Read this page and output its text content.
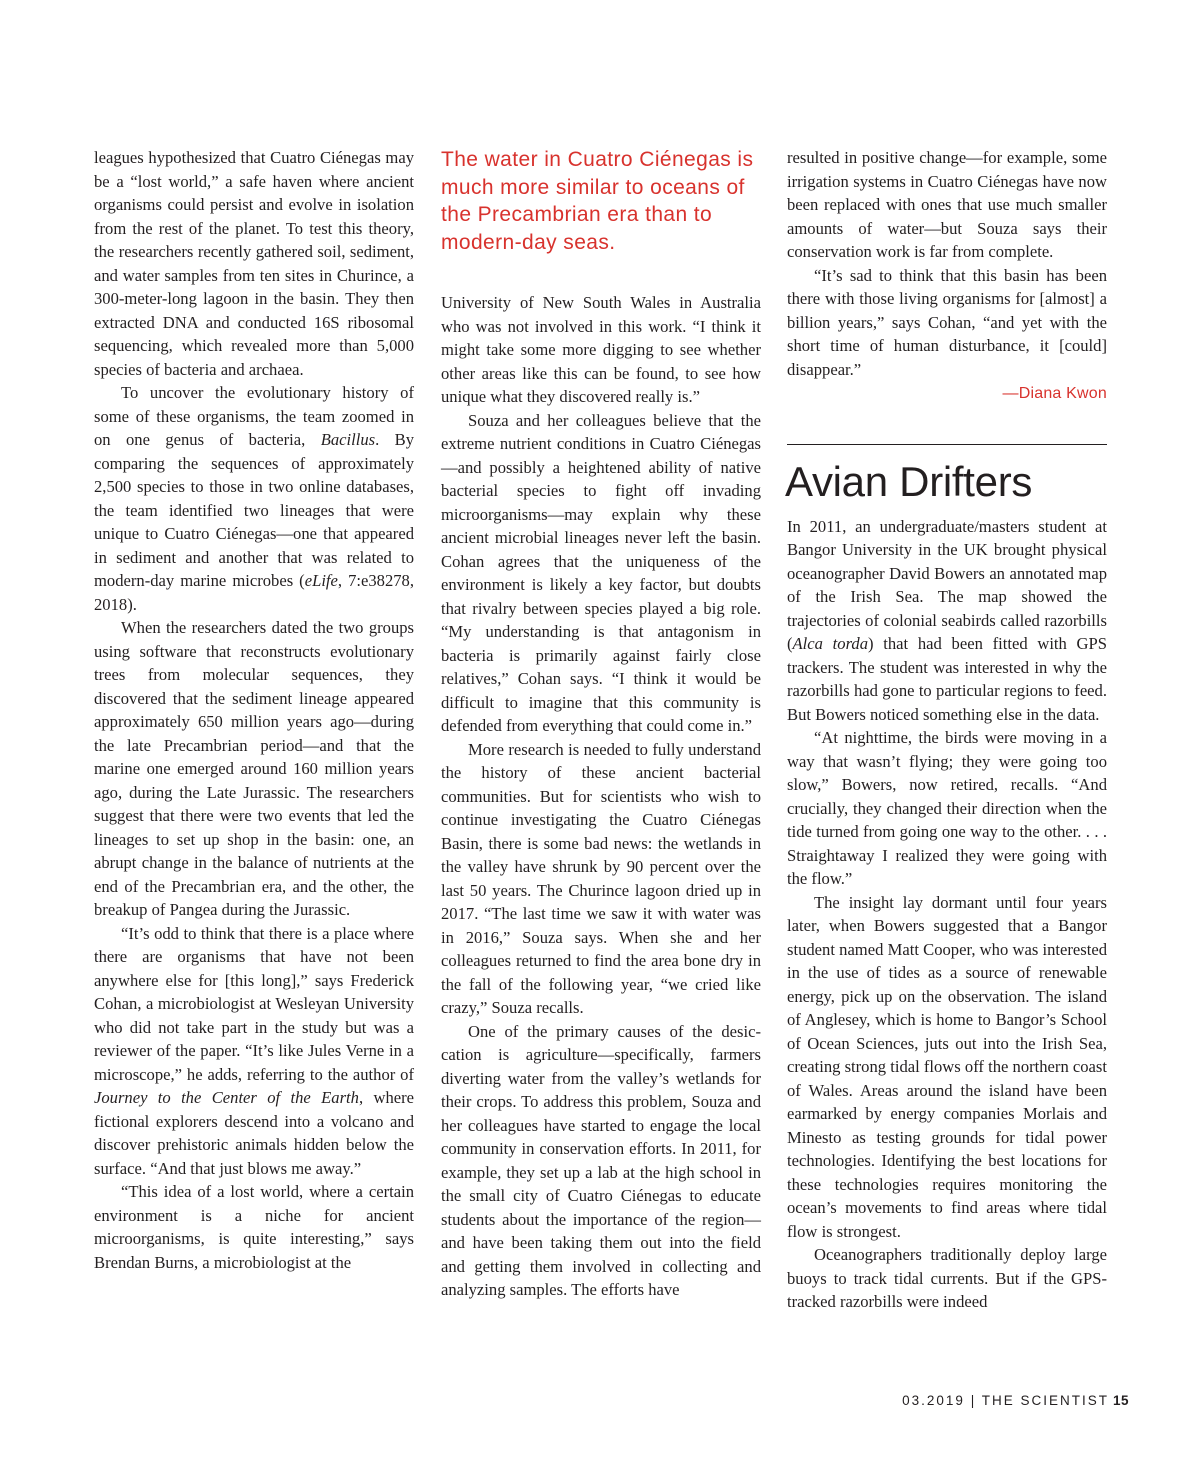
leagues hypothesized that Cuatro Ciénegas may be a “lost world,” a safe haven where ancient organisms could persist and evolve in isolation from the rest of the planet. To test this theory, the researchers recently gathered soil, sediment, and water samples from ten sites in Churince, a 300-meter-long lagoon in the basin. They then extracted DNA and conducted 16S ribosomal sequencing, which revealed more than 5,000 species of bacteria and archaea.

To uncover the evolutionary history of some of these organisms, the team zoomed in on one genus of bacteria, Bacillus. By comparing the sequences of approximately 2,500 species to those in two online databases, the team identified two lineages that were unique to Cuatro Ciénegas—one that appeared in sediment and another that was related to modern-day marine microbes (eLife, 7:e38278, 2018).

When the researchers dated the two groups using software that reconstructs evolutionary trees from molecular sequences, they discovered that the sediment lineage appeared approximately 650 million years ago—during the late Precambrian period—and that the marine one emerged around 160 million years ago, during the Late Jurassic. The researchers suggest that there were two events that led the lineages to set up shop in the basin: one, an abrupt change in the balance of nutrients at the end of the Precambrian era, and the other, the breakup of Pangea during the Jurassic.

“It’s odd to think that there is a place where there are organisms that have not been anywhere else for [this long],” says Frederick Cohan, a microbiologist at Wesleyan University who did not take part in the study but was a reviewer of the paper. “It’s like Jules Verne in a microscope,” he adds, referring to the author of Journey to the Center of the Earth, where fictional explorers descend into a volcano and discover prehistoric animals hidden below the surface. “And that just blows me away.”

“This idea of a lost world, where a certain environment is a niche for ancient microorganisms, is quite interesting,” says Brendan Burns, a microbiologist at the

The water in Cuatro Ciénegas is much more similar to oceans of the Precambrian era than to modern-day seas.

University of New South Wales in Australia who was not involved in this work. “I think it might take some more digging to see whether other areas like this can be found, to see how unique what they discovered really is.”

Souza and her colleagues believe that the extreme nutrient conditions in Cuatro Ciénegas—and possibly a heightened ability of native bacterial species to fight off invading microorganisms—may explain why these ancient microbial lineages never left the basin. Cohan agrees that the uniqueness of the environment is likely a key factor, but doubts that rivalry between species played a big role. “My understanding is that antagonism in bacteria is primarily against fairly close relatives,” Cohan says. “I think it would be difficult to imagine that this community is defended from everything that could come in.”

More research is needed to fully understand the history of these ancient bacterial communities. But for scientists who wish to continue investigating the Cuatro Ciénegas Basin, there is some bad news: the wetlands in the valley have shrunk by 90 percent over the last 50 years. The Churince lagoon dried up in 2017. “The last time we saw it with water was in 2016,” Souza says. When she and her colleagues returned to find the area bone dry in the fall of the following year, “we cried like crazy,” Souza recalls.

One of the primary causes of the desiccation is agriculture—specifically, farmers diverting water from the valley’s wetlands for their crops. To address this problem, Souza and her colleagues have started to engage the local community in conservation efforts. In 2011, for example, they set up a lab at the high school in the small city of Cuatro Ciénegas to educate students about the importance of the region—and have been taking them out into the field and getting them involved in collecting and analyzing samples. The efforts have

resulted in positive change—for example, some irrigation systems in Cuatro Ciénegas have now been replaced with ones that use much smaller amounts of water—but Souza says their conservation work is far from complete.

“It’s sad to think that this basin has been there with those living organisms for [almost] a billion years,” says Cohan, “and yet with the short time of human disturbance, it [could] disappear.”

—Diana Kwon
Avian Drifters

In 2011, an undergraduate/masters student at Bangor University in the UK brought physical oceanographer David Bowers an annotated map of the Irish Sea. The map showed the trajectories of colonial seabirds called razorbills (Alca torda) that had been fitted with GPS trackers. The student was interested in why the razorbills had gone to particular regions to feed. But Bowers noticed something else in the data.

“At nighttime, the birds were moving in a way that wasn’t flying; they were going too slow,” Bowers, now retired, recalls. “And crucially, they changed their direction when the tide turned from going one way to the other. . . . Straightaway I realized they were going with the flow.”

The insight lay dormant until four years later, when Bowers suggested that a Bangor student named Matt Cooper, who was interested in the use of tides as a source of renewable energy, pick up on the observation. The island of Anglesey, which is home to Bangor’s School of Ocean Sciences, juts out into the Irish Sea, creating strong tidal flows off the northern coast of Wales. Areas around the island have been earmarked by energy companies Morlais and Minesto as testing grounds for tidal power technologies. Identifying the best locations for these technologies requires monitoring the ocean’s movements to find areas where tidal flow is strongest.

Oceanographers traditionally deploy large buoys to track tidal currents. But if the GPS-tracked razorbills were indeed

03.2019 | THE SCIENTIST 15
